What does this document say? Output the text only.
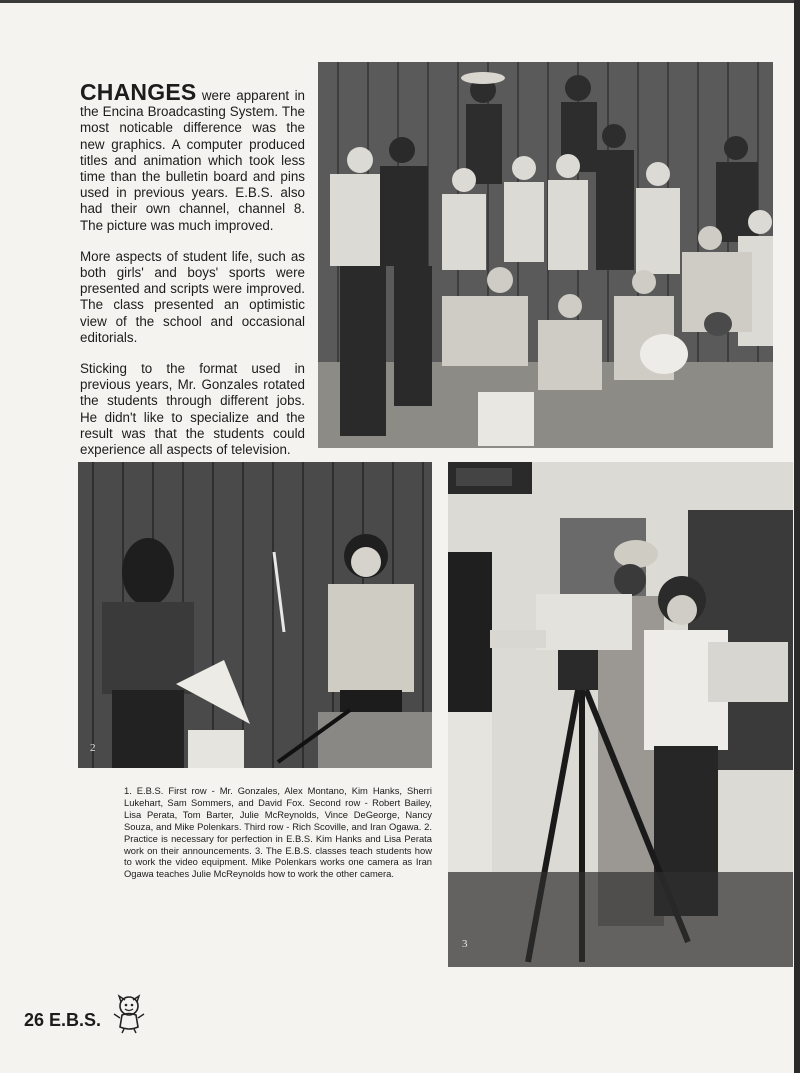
CHANGES were apparent in the Encina Broadcasting System. The most noticable difference was the new graphics. A computer produced titles and animation which took less time than the bulletin board and pins used in previous years. E.B.S. also had their own channel, channel 8. The picture was much improved.

More aspects of student life, such as both girls' and boys' sports were presented and scripts were improved. The class presented an optimistic view of the school and occasional editorials.

Sticking to the format used in previous years, Mr. Gonzales rotated the students through different jobs. He didn't like to specialize and the result was that the students could experience all aspects of television.

2
3
1. E.B.S. First row - Mr. Gonzales, Alex Montano, Kim Hanks, Sherri Lukehart, Sam Sommers, and David Fox. Second row - Robert Bailey, Lisa Perata, Tom Barter, Julie McReynolds, Vince DeGeorge, Nancy Souza, and Mike Polenkars. Third row - Rich Scoville, and Iran Ogawa. 2. Practice is necessary for perfection in E.B.S. Kim Hanks and Lisa Perata work on their announcements. 3. The E.B.S. classes teach students how to work the video equipment. Mike Polenkars works one camera as Iran Ogawa teaches Julie McReynolds how to work the other camera.
26 E.B.S.
